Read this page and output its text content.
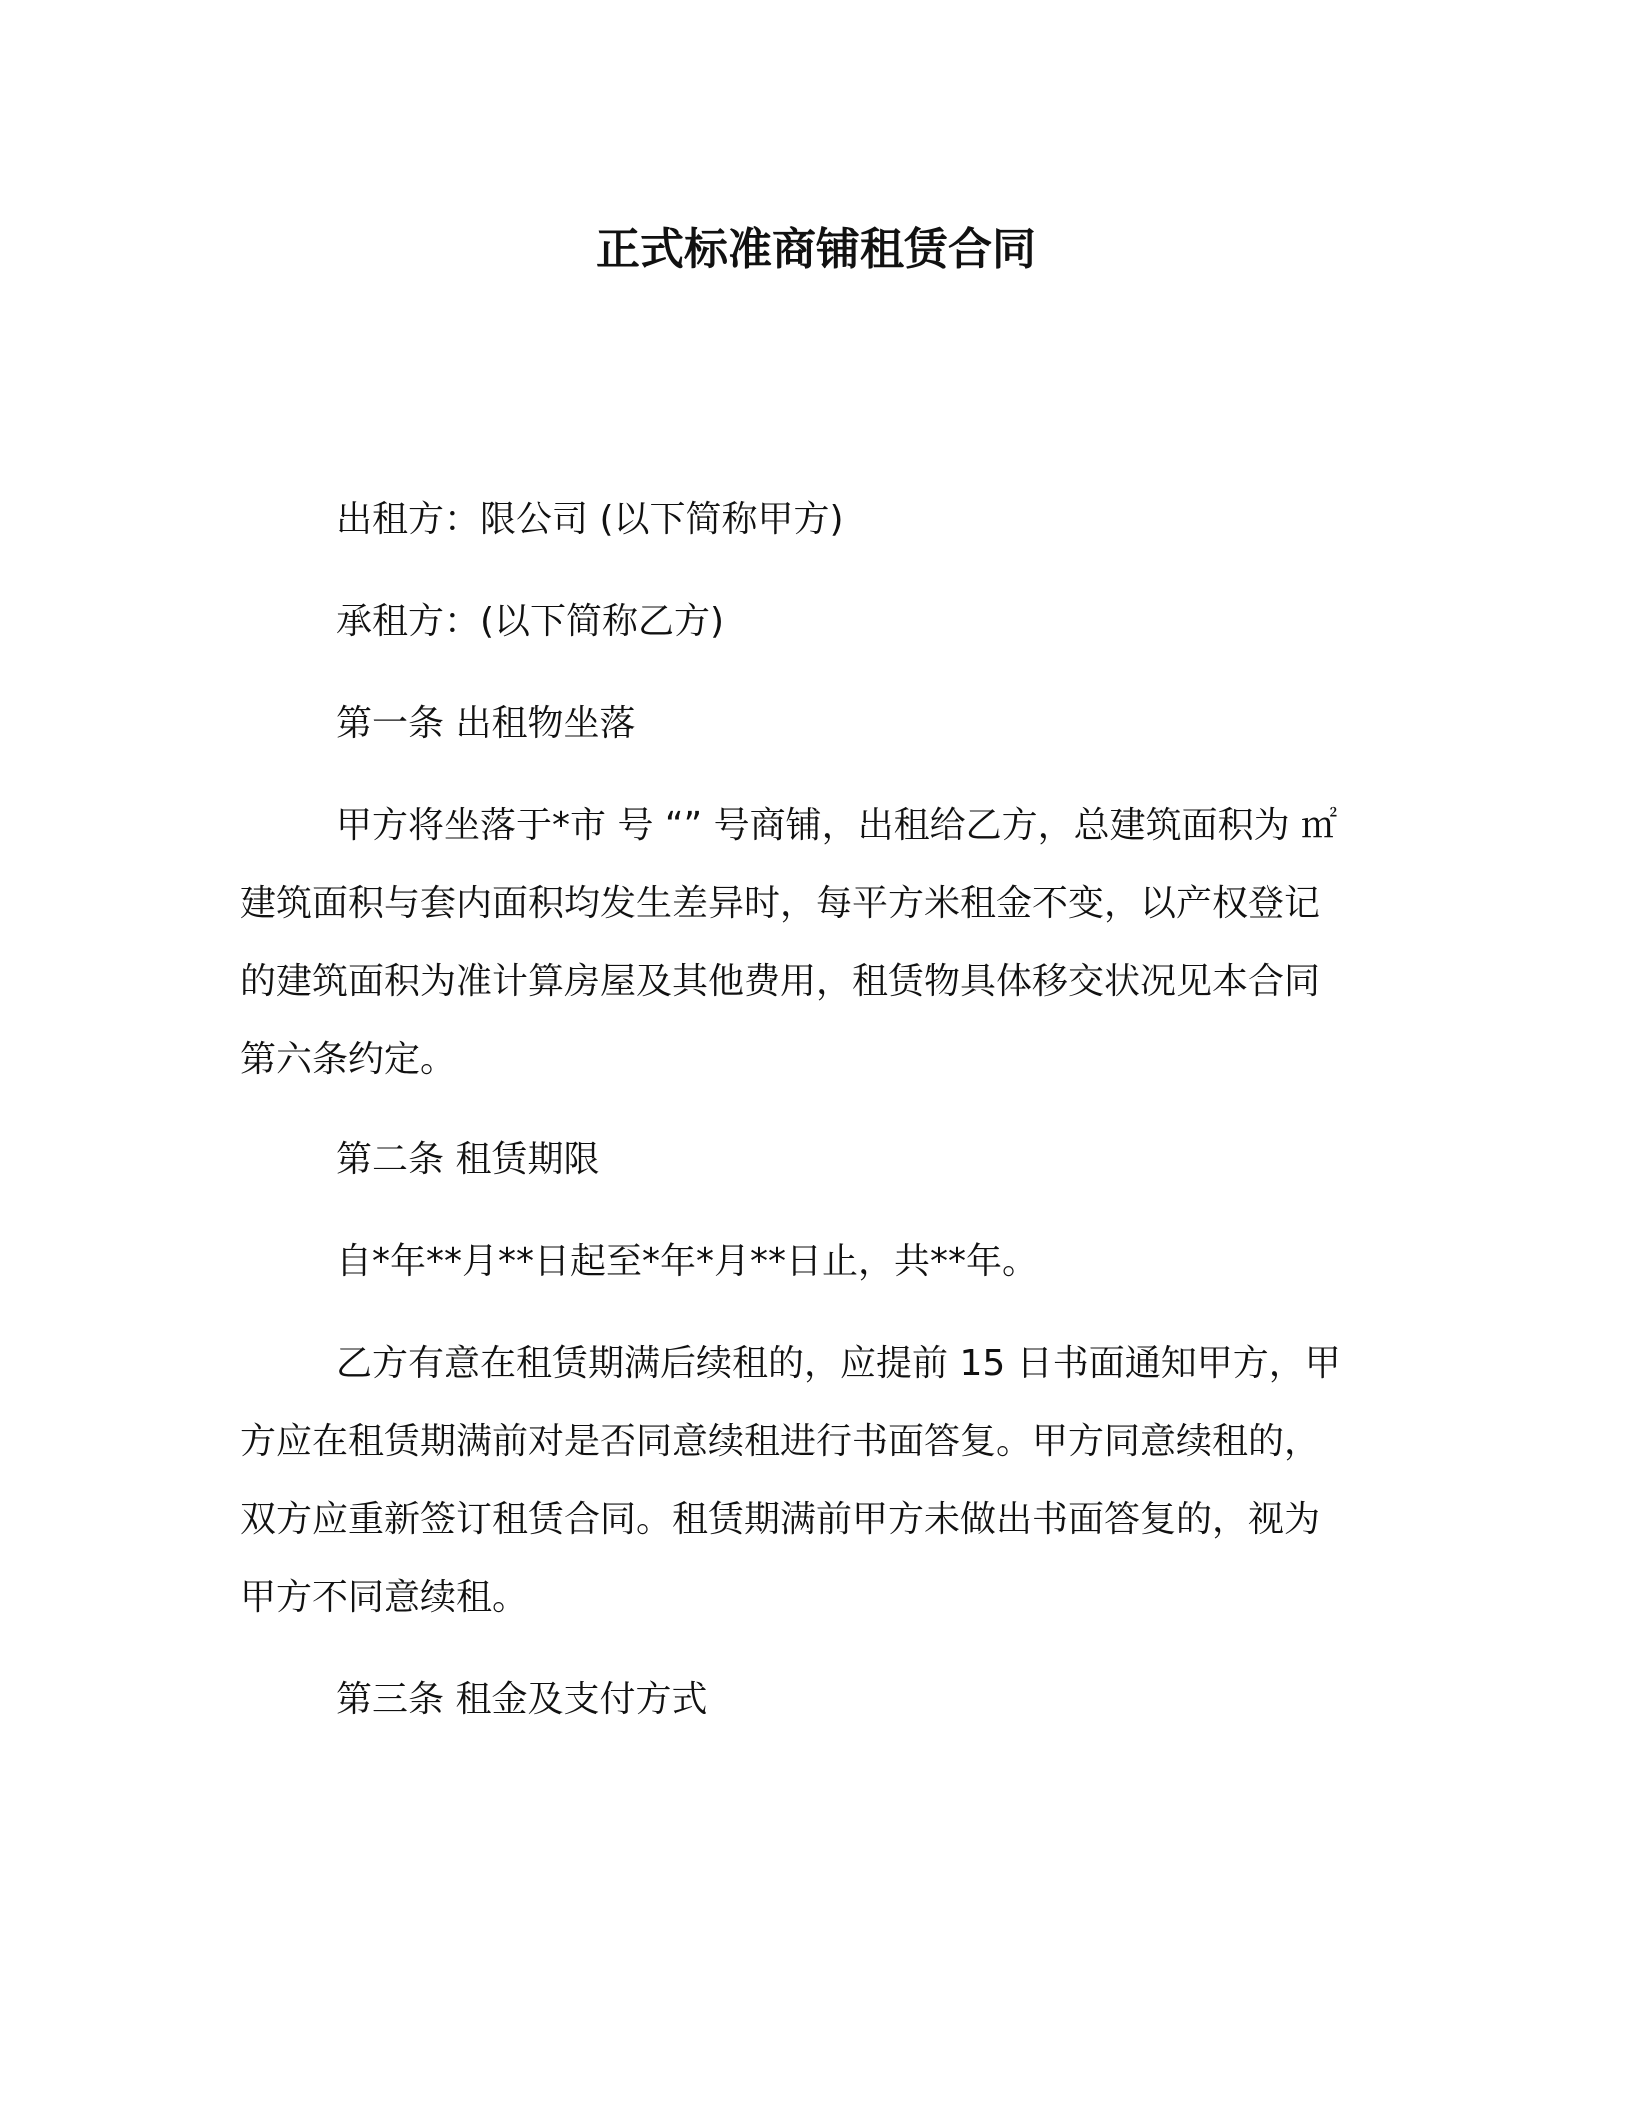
正式标准商铺租赁合同
出租方：限公司 (以下简称甲方)
承租方：(以下简称乙方)
第一条 出租物坐落
甲方将坐落于*市 号 “” 号商铺，出租给乙方，总建筑面积为 ㎡
建筑面积与套内面积均发生差异时，每平方米租金不变，以产权登记
的建筑面积为准计算房屋及其他费用，租赁物具体移交状况见本合同
第六条约定。
第二条 租赁期限
自*年**月**日起至*年*月**日止，共**年。
乙方有意在租赁期满后续租的，应提前 15 日书面通知甲方，甲
方应在租赁期满前对是否同意续租进行书面答复。甲方同意续租的，
双方应重新签订租赁合同。租赁期满前甲方未做出书面答复的，视为
甲方不同意续租。
第三条 租金及支付方式
